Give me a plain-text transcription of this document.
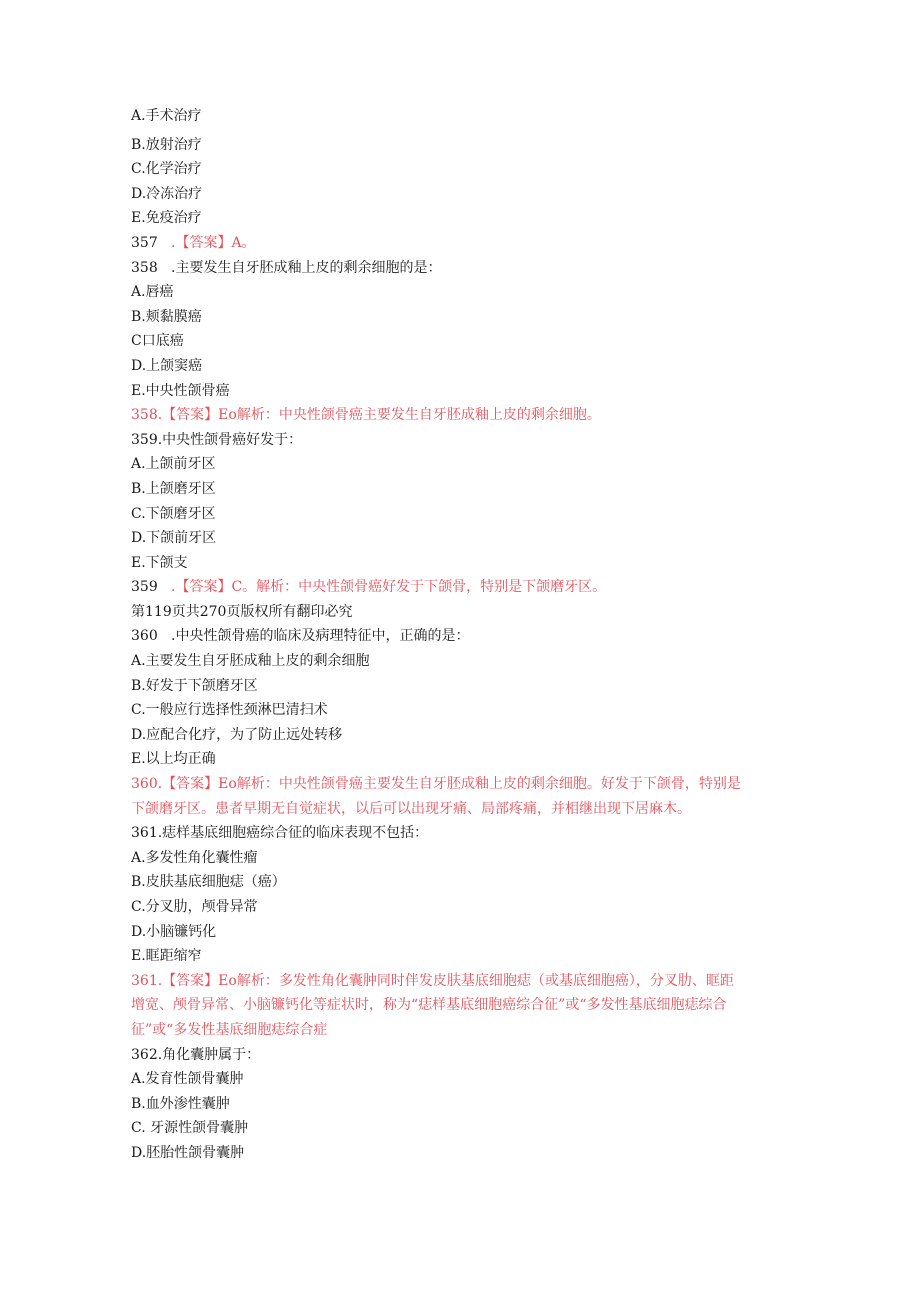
A.手术治疗
B.放射治疗
C.化学治疗
D.冷冻治疗
E.免疫治疗
357 .【答案】A。
358 .主要发生自牙胚成釉上皮的剩余细胞的是：
A.唇癌
B.颊黏膜癌
C口底癌
D.上颌窦癌
E.中央性颌骨癌
358.【答案】Eo解析：中央性颌骨癌主要发生自牙胚成釉上皮的剩余细胞。
359.中央性颌骨癌好发于：
A.上颌前牙区
B.上颌磨牙区
C.下颌磨牙区
D.下颌前牙区
E.下颌支
359 .【答案】C。解析：中央性颌骨癌好发于下颌骨，特别是下颌磨牙区。
第119页共270页版权所有翻印必究
360 .中央性颌骨癌的临床及病理特征中，正确的是：
A.主要发生自牙胚成釉上皮的剩余细胞
B.好发于下颌磨牙区
C.一般应行选择性颈淋巴清扫术
D.应配合化疗，为了防止远处转移
E.以上均正确
360.【答案】Eo解析：中央性颌骨癌主要发生自牙胚成釉上皮的剩余细胞。好发于下颌骨，特别是下颌磨牙区。患者早期无自觉症状，以后可以出现牙痛、局部疼痛，并相继出现下居麻木。
361.痣样基底细胞癌综合征的临床表现不包括：
A.多发性角化囊性瘤
B.皮肤基底细胞痣（癌）
C.分叉肋，颅骨异常
D.小脑镰钙化
E.眶距缩窄
361.【答案】Eo解析：多发性角化囊肿同时伴发皮肤基底细胞痣（或基底细胞癌），分叉肋、眶距增宽、颅骨异常、小脑镰钙化等症状时，称为“痣样基底细胞癌综合征”或“多发性基底细胞痣综合征”或“多发性基底细胞痣综合症
362.角化囊肿属于：
A.发育性颌骨囊肿
B.血外渗性囊肿
C. 牙源性颌骨囊肿
D.胚胎性颌骨囊肿
